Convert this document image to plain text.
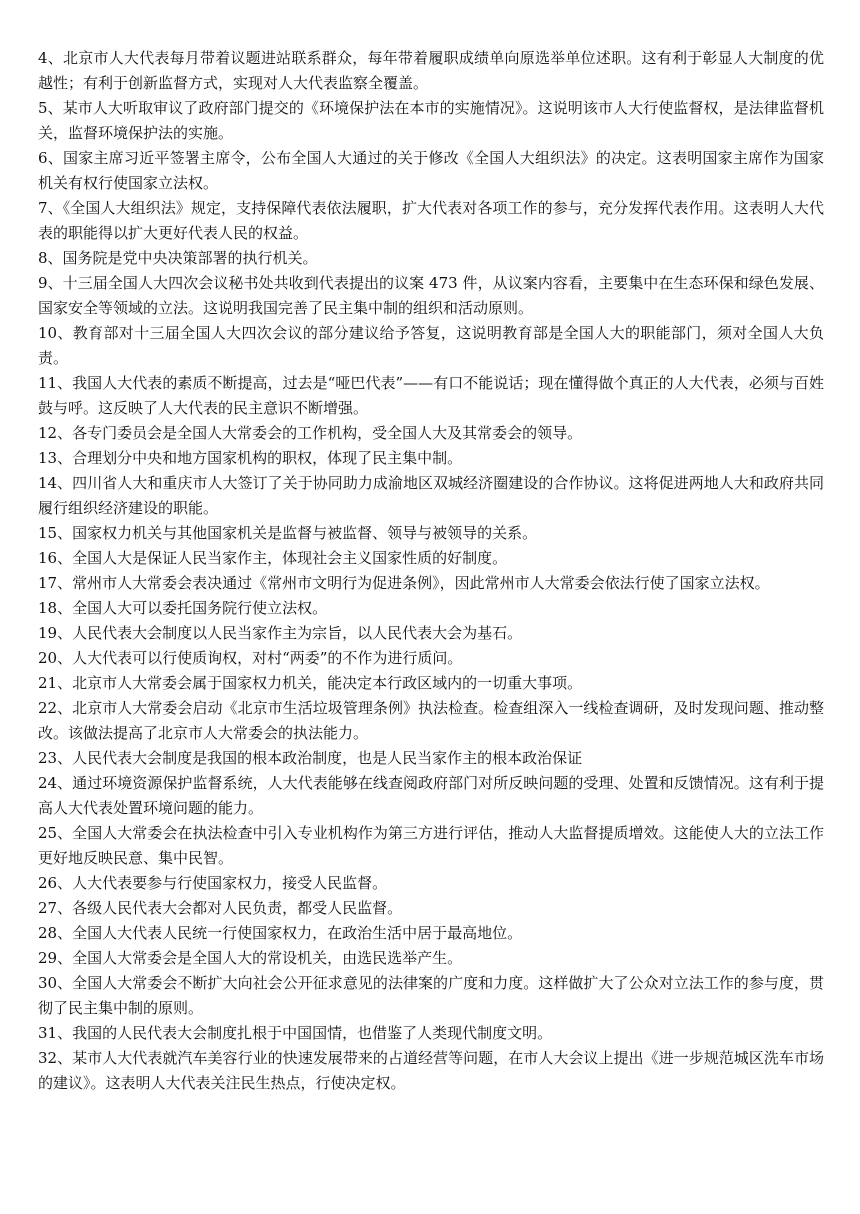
4、北京市人大代表每月带着议题进站联系群众，每年带着履职成绩单向原选举单位述职。这有利于彰显人大制度的优越性；有利于创新监督方式，实现对人大代表监察全覆盖。

5、某市人大听取审议了政府部门提交的《环境保护法在本市的实施情况》。这说明该市人大行使监督权，是法律监督机关，监督环境保护法的实施。

6、国家主席习近平签署主席令，公布全国人大通过的关于修改《全国人大组织法》的决定。这表明国家主席作为国家机关有权行使国家立法权。

7、《全国人大组织法》规定，支持保障代表依法履职，扩大代表对各项工作的参与，充分发挥代表作用。这表明人大代表的职能得以扩大更好代表人民的权益。

8、国务院是党中央决策部署的执行机关。

9、十三届全国人大四次会议秘书处共收到代表提出的议案 473 件，从议案内容看，主要集中在生态环保和绿色发展、国家安全等领域的立法。这说明我国完善了民主集中制的组织和活动原则。

10、教育部对十三届全国人大四次会议的部分建议给予答复，这说明教育部是全国人大的职能部门，须对全国人大负责。

11、我国人大代表的素质不断提高，过去是“哑巴代表”——有口不能说话；现在懂得做个真正的人大代表，必须与百姓鼓与呼。这反映了人大代表的民主意识不断增强。

12、各专门委员会是全国人大常委会的工作机构，受全国人大及其常委会的领导。

13、合理划分中央和地方国家机构的职权，体现了民主集中制。

14、四川省人大和重庆市人大签订了关于协同助力成渝地区双城经济圈建设的合作协议。这将促进两地人大和政府共同履行组织经济建设的职能。

15、国家权力机关与其他国家机关是监督与被监督、领导与被领导的关系。

16、全国人大是保证人民当家作主，体现社会主义国家性质的好制度。

17、常州市人大常委会表决通过《常州市文明行为促进条例》，因此常州市人大常委会依法行使了国家立法权。

18、全国人大可以委托国务院行使立法权。

19、人民代表大会制度以人民当家作主为宗旨，以人民代表大会为基石。

20、人大代表可以行使质询权，对村“两委”的不作为进行质问。

21、北京市人大常委会属于国家权力机关，能决定本行政区域内的一切重大事项。

22、北京市人大常委会启动《北京市生活垃圾管理条例》执法检查。检查组深入一线检查调研，及时发现问题、推动整改。该做法提高了北京市人大常委会的执法能力。

23、人民代表大会制度是我国的根本政治制度，也是人民当家作主的根本政治保证

24、通过环境资源保护监督系统，人大代表能够在线查阅政府部门对所反映问题的受理、处置和反馈情况。这有利于提高人大代表处置环境问题的能力。

25、全国人大常委会在执法检查中引入专业机构作为第三方进行评估，推动人大监督提质增效。这能使人大的立法工作更好地反映民意、集中民智。

26、人大代表要参与行使国家权力，接受人民监督。

27、各级人民代表大会都对人民负责，都受人民监督。

28、全国人大代表人民统一行使国家权力，在政治生活中居于最高地位。

29、全国人大常委会是全国人大的常设机关，由选民选举产生。

30、全国人大常委会不断扩大向社会公开征求意见的法律案的广度和力度。这样做扩大了公众对立法工作的参与度，贯彻了民主集中制的原则。

31、我国的人民代表大会制度扎根于中国国情，也借鉴了人类现代制度文明。

32、某市人大代表就汽车美容行业的快速发展带来的占道经营等问题，在市人大会议上提出《进一步规范城区洗车市场的建议》。这表明人大代表关注民生热点，行使决定权。
